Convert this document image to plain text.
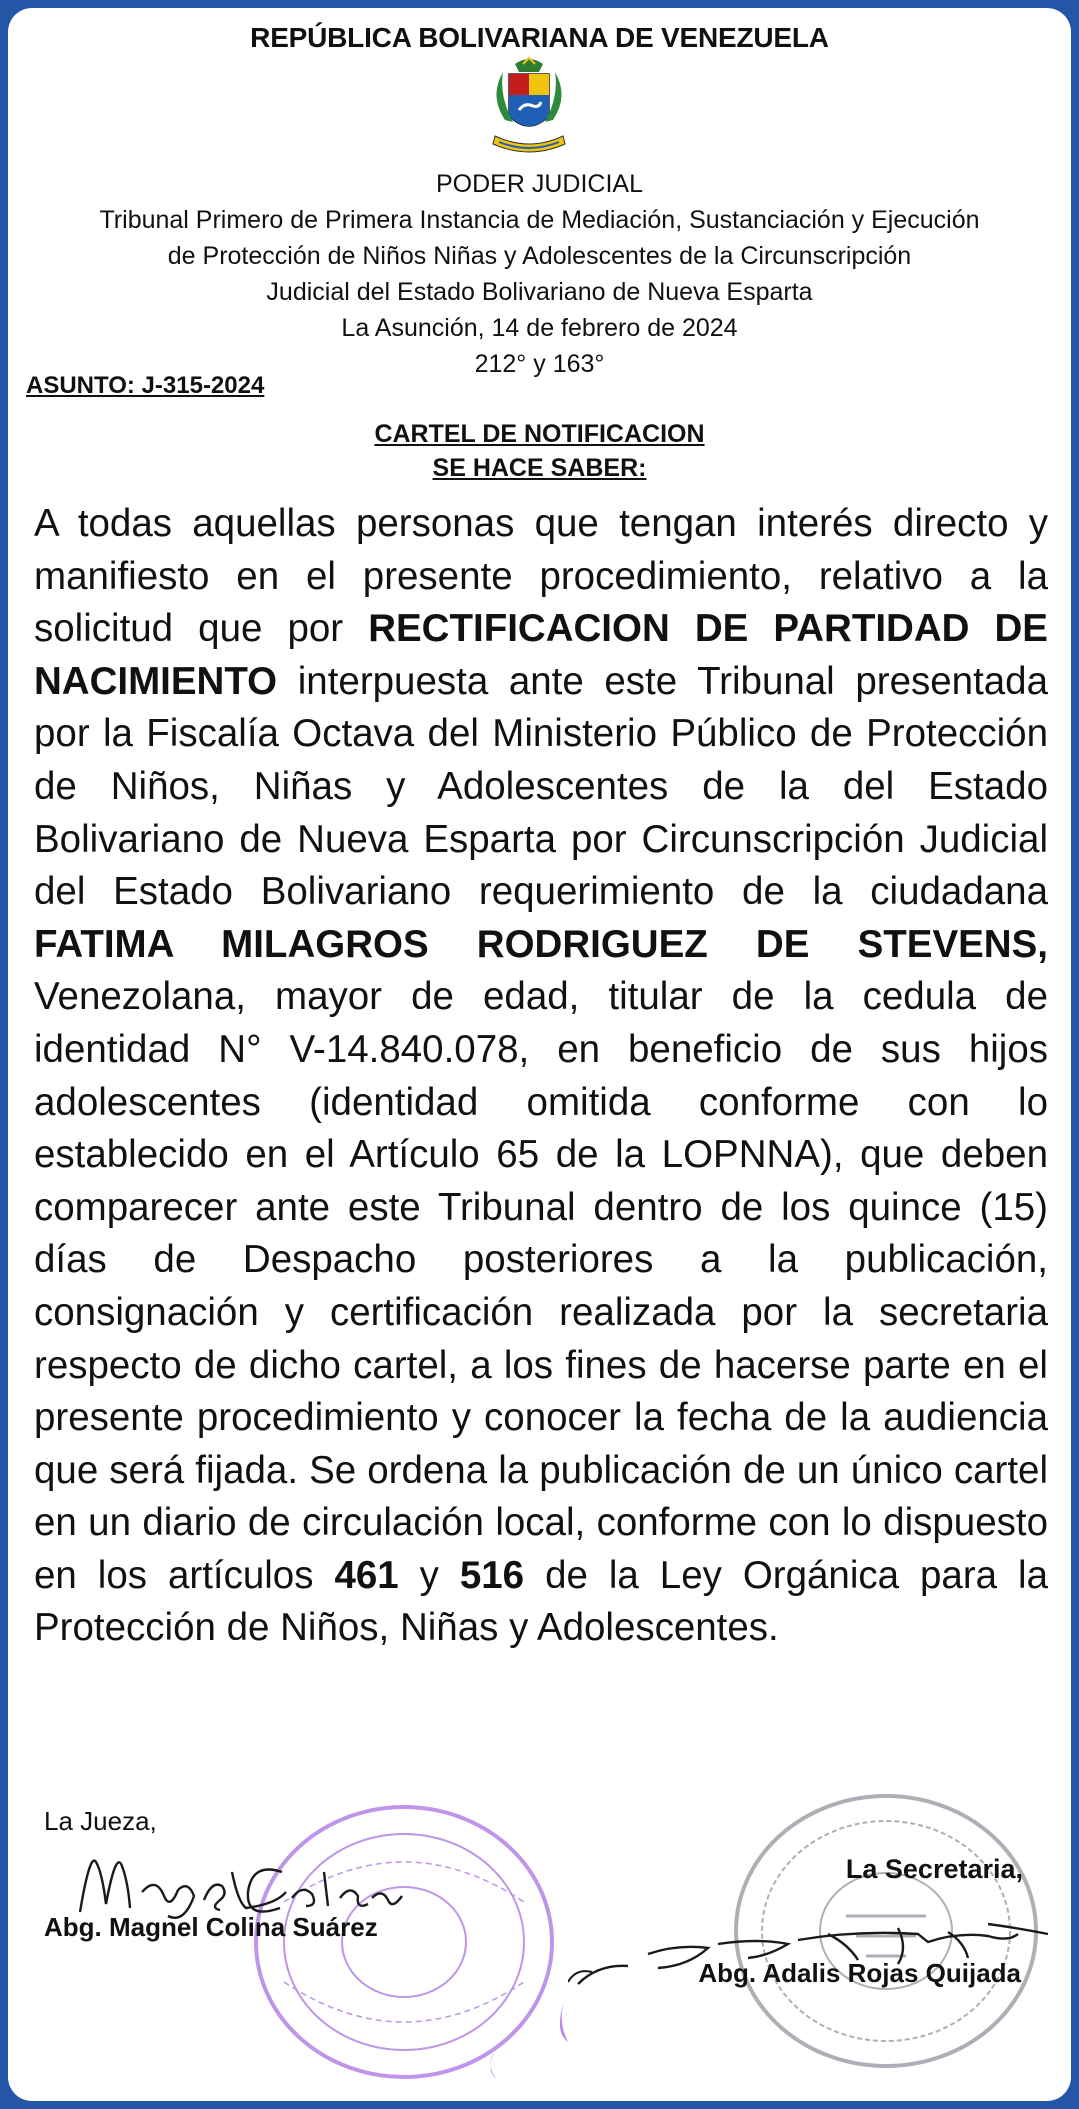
REPÚBLICA BOLIVARIANA DE VENEZUELA
PODER JUDICIAL
Tribunal Primero de Primera Instancia de Mediación, Sustanciación y Ejecución
de Protección de Niños Niñas y Adolescentes de la Circunscripción
Judicial del Estado Bolivariano de Nueva Esparta
La Asunción, 14 de febrero de 2024
212° y 163°
ASUNTO: J-315-2024
CARTEL DE NOTIFICACION
SE HACE SABER:
A todas aquellas personas que tengan interés directo y manifiesto en el presente procedimiento, relativo a la solicitud que por RECTIFICACION DE PARTIDAD DE NACIMIENTO interpuesta ante este Tribunal presentada por la Fiscalía Octava del Ministerio Público de Protección de Niños, Niñas y Adolescentes de la del Estado Bolivariano de Nueva Esparta por Circunscripción Judicial del Estado Bolivariano requerimiento de la ciudadana FATIMA MILAGROS RODRIGUEZ DE STEVENS, Venezolana, mayor de edad, titular de la cedula de identidad N° V-14.840.078, en beneficio de sus hijos adolescentes (identidad omitida conforme con lo establecido en el Artículo 65 de la LOPNNA), que deben comparecer ante este Tribunal dentro de los quince (15) días de Despacho posteriores a la publicación, consignación y certificación realizada por la secretaria respecto de dicho cartel, a los fines de hacerse parte en el presente procedimiento y conocer la fecha de la audiencia que será fijada. Se ordena la publicación de un único cartel en un diario de circulación local, conforme con lo dispuesto en los artículos 461 y 516 de la Ley Orgánica para la Protección de Niños, Niñas y Adolescentes.
La Jueza,
Abg. Magnel Colina Suárez
La Secretaria,
Abg. Adalis Rojas Quijada
